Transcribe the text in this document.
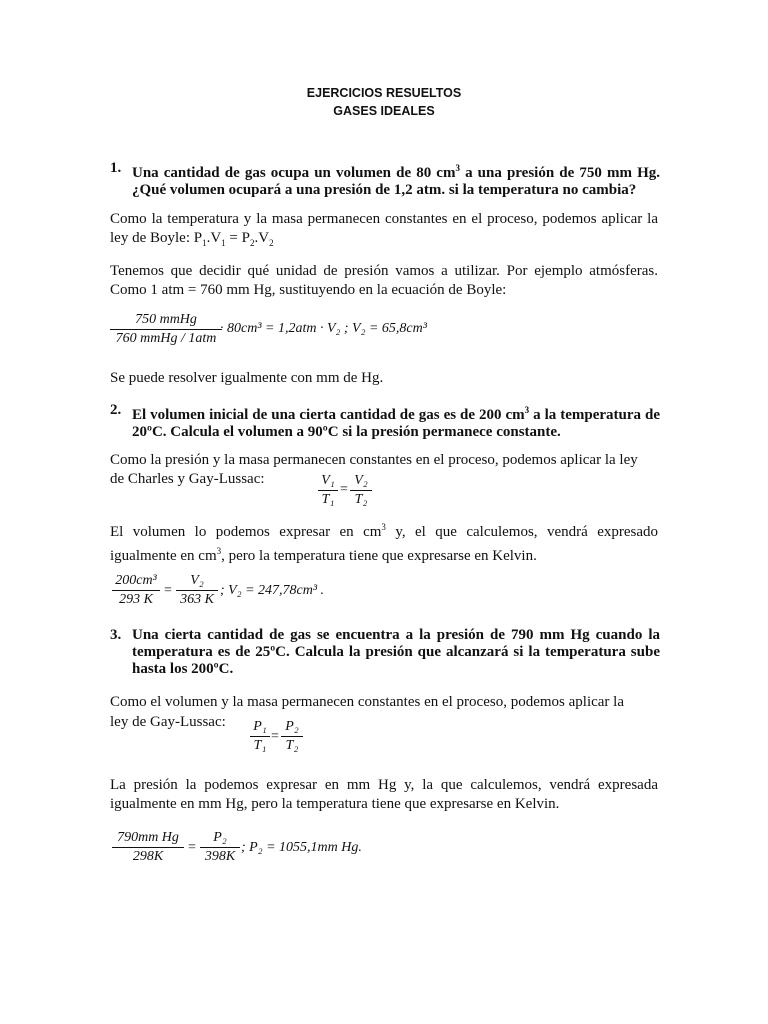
EJERCICIOS RESUELTOS
GASES IDEALES
1. Una cantidad de gas ocupa un volumen de 80 $cm^3$ a una presión de 750 mm Hg. ¿Qué volumen ocupará a una presión de 1,2 atm. si la temperatura no cambia?
Como la temperatura y la masa permanecen constantes en el proceso, podemos aplicar la ley de Boyle: $P_1.V_1 = P_2.V_2$
Tenemos que decidir qué unidad de presión vamos a utilizar. Por ejemplo atmósferas. Como 1 atm = 760 mm Hg, sustituyendo en la ecuación de Boyle:
750 mmHg
760 mmHg / 1atm
· 80cm³ = 1,2atm · V₂ ; V₂ = 65,8cm³
Se puede resolver igualmente con mm de Hg.
2. El volumen inicial de una cierta cantidad de gas es de 200 $cm^3$ a la temperatura de 20ºC. Calcula el volumen a 90ºC si la presión permanece constante.
Como la presión y la masa permanecen constantes en el proceso, podemos aplicar la ley
de Charles y Gay-Lussac:	V₁
T₁
=
V₂
T₂
El volumen lo podemos expresar en $cm^3$ y, el que calculemos, vendrá expresado igualmente en $cm^3$, pero la temperatura tiene que expresarse en Kelvin.
200cm³
293 K
=
V₂
363 K
; V₂ = 247,78cm³ .
3. Una cierta cantidad de gas se encuentra a la presión de 790 mm Hg cuando la temperatura es de 25ºC. Calcula la presión que alcanzará si la temperatura sube hasta los 200ºC.
Como el volumen y la masa permanecen constantes en el proceso, podemos aplicar la
ley de Gay-Lussac:	P₁
T₁
=
P₂
T₂
La presión la podemos expresar en mm Hg y, la que calculemos, vendrá expresada igualmente en mm Hg, pero la temperatura tiene que expresarse en Kelvin.
790mm Hg
298K
=
P₂
398K
; P₂ = 1055,1mm Hg.
